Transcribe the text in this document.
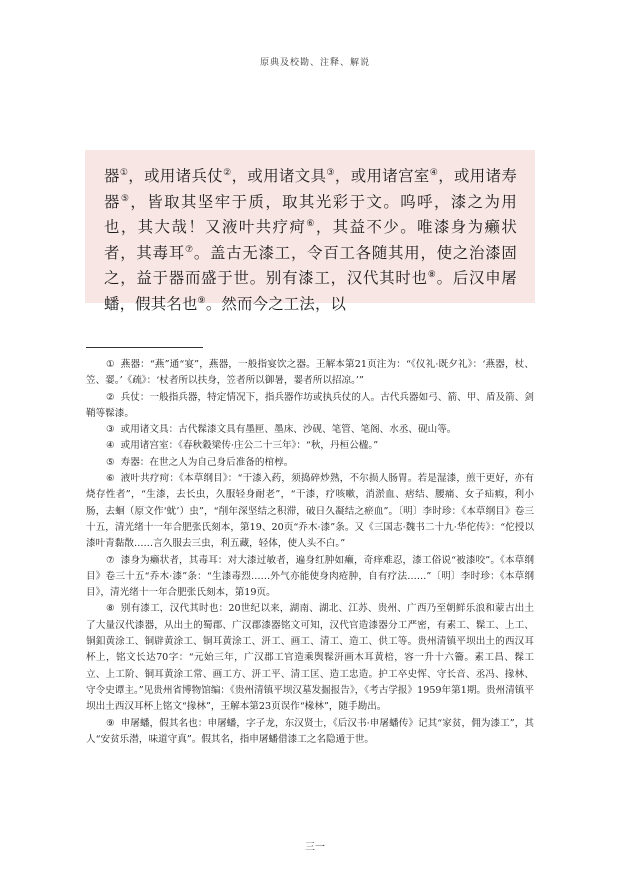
原典及校勘、注释、解说

器①，或用诸兵仗②，或用诸文具③，或用诸宫室④，或用诸寿器⑤，皆取其坚牢于质，取其光彩于文。呜呼，漆之为用也，其大哉！又液叶共疗疴⑥，其益不少。唯漆身为癞状者，其毒耳⑦。盖古无漆工，令百工各随其用，使之治漆固之，益于器而盛于世。别有漆工，汉代其时也⑧。后汉申屠蟠，假其名也⑨。然而今之工法，以

① 燕器：“燕”通“宴”，燕器，一般指宴饮之器。王解本第21页注为：“《仪礼·既夕礼》：‘燕器，杖、笠、翣。’《疏》：‘杖者所以扶身，笠者所以御暑，翣者所以招凉。’”

② 兵仗：一般指兵器，特定情况下，指兵器作坊或执兵仗的人。古代兵器如弓、箭、甲、盾及箭、剑鞘等髹漆。

③ 或用诸文具：古代髹漆文具有墨匣、墨床、沙砚、笔管、笔阁、水丞、砚山等。

④ 或用诸宫室：《春秋穀梁传·庄公二十三年》：“秋，丹桓公楹。”

⑤ 寿器：在世之人为自己身后准备的棺椁。

⑥ 液叶共疗疴：《本草纲目》：“干漆入药，须捣碎炒熟，不尔损人肠胃。若是湿漆，煎干更好，亦有烧存性者”，“生漆，去长虫，久服轻身耐老”，“干漆，疗咳嗽，消淤血、痞结、腰痛、女子疝瘕，利小肠，去蛔（原文作‘蚘’）虫”，“削年深坚结之积滞，破日久凝结之瘀血”。〔明〕李时珍：《本草纲目》卷三十五，清光绪十一年合肥张氏刻本，第19、20页“乔木·漆”条。又《三国志·魏书二十九·华佗传》：“佗授以漆叶青黏散……言久服去三虫，利五藏，轻体，使人头不白。”

⑦ 漆身为癞状者，其毒耳：对大漆过敏者，遍身红肿如癞，奇痒难忍，漆工俗说“被漆咬”。《本草纲目》卷三十五“乔木·漆”条：“生漆毒烈……外气亦能使身肉疮肿，自有疗法……”〔明〕李时珍：《本草纲目》，清光绪十一年合肥张氏刻本，第19页。

⑧ 别有漆工，汉代其时也：20世纪以来，湖南、湖北、江苏、贵州、广西乃至朝鲜乐浪和蒙古出土了大量汉代漆器，从出土的蜀郡、广汉郡漆器铭文可知，汉代官造漆器分工严密，有素工、髹工、上工、铜釦黄涂工、铜辟黄涂工、铜耳黄涂工、汧工、画工、清工、造工、供工等。贵州清镇平坝出土的西汉耳杯上，铭文长达70字：“元始三年，广汉郡工官造乘舆髹汧画木耳黄棓，容一升十六籥。素工昌、髹工立、上工阶、铜耳黄涂工常、画工方、汧工平、清工匡、造工忠造。护工卒史恽、守长音、丞冯、掾林、守令史谭主。”见贵州省博物馆编：《贵州清镇平坝汉墓发掘报告》，《考古学报》1959年第1期。贵州清镇平坝出土西汉耳杯上铭文“掾林”，王解本第23页误作“椽林”，随手勘出。

⑨ 申屠蟠，假其名也：申屠蟠，字子龙，东汉贤士，《后汉书·申屠蟠传》记其“家贫，佣为漆工”，其人“安贫乐潜，味道守真”。假其名，指申屠蟠借漆工之名隐遁于世。

三一
